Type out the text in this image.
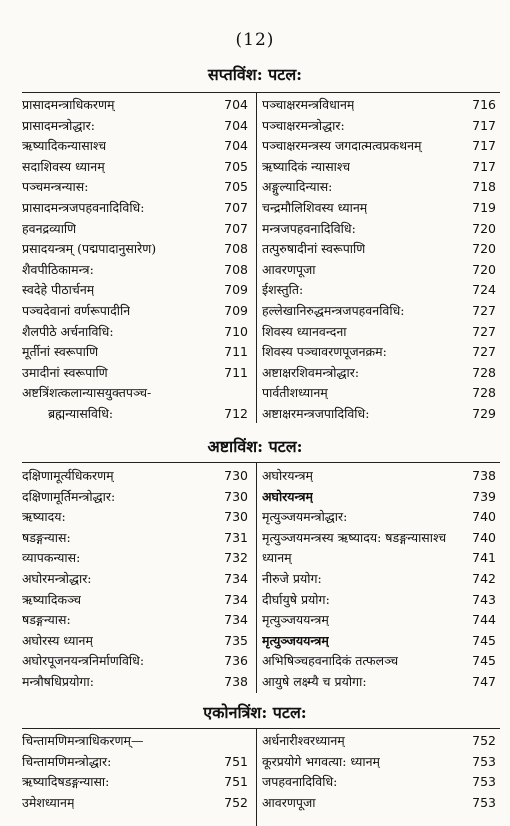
(12)
सप्तविंश: पटल:
प्रासादमन्त्राधिकरणम्	704
प्रासादमन्त्रोद्धार:	704
ऋष्यादिकन्यासाश्च	704
सदाशिवस्य ध्यानम्	705
पञ्चमन्त्रन्यास:	705
प्रासादमन्त्रजपहवनादिविधि:	707
हवनद्रव्याणि	707
प्रसादयन्त्रम् (पद्मपादानुसारेण)	708
शैवपीठिकामन्त्र:	708
स्वदेहे पीठार्चनम्	709
पञ्चदेवानां वर्णरूपादीनि	709
शैलपीठे अर्चनाविधि:	710
मूर्तीनां स्वरूपाणि	711
उमादीनां स्वरूपाणि	711
अष्टत्रिंशत्कलान्यासयुक्तपञ्च-
ब्रह्मन्यासविधि:	712
पञ्चाक्षरमन्त्रविधानम्	716
पञ्चाक्षरमन्त्रोद्धार:	717
पञ्चाक्षरमन्त्रस्य जगदात्मत्वप्रकथनम्	717
ऋष्यादिकं न्यासाश्च	717
अङ्गुल्यादिन्यास:	718
चन्द्रमौलिशिवस्य ध्यानम्	719
मन्त्रजपहवनादिविधि:	720
तत्पुरुषादीनां स्वरूपाणि	720
आवरणपूजा	720
ईशस्तुति:	724
हल्लेखानिरुद्धमन्त्रजपहवनविधि:	727
शिवस्य ध्यानवन्दना	727
शिवस्य पञ्चावरणपूजनक्रम:	727
अष्टाक्षरशिवमन्त्रोद्धार:	728
पार्वतीशध्यानम्	728
अष्टाक्षरमन्त्रजपादिविधि:	729
अष्टाविंश: पटल:
दक्षिणामूर्त्यधिकरणम्	730
दक्षिणामूर्तिमन्त्रोद्धार:	730
ऋष्यादय:	730
षडङ्गन्यास:	731
व्यापकन्यास:	732
अघोरमन्त्रोद्धार:	734
ऋष्यादिकञ्च	734
षडङ्गन्यास:	734
अघोरस्य ध्यानम्	735
अघोरपूजनयन्त्रनिर्माणविधि:	736
मन्त्रौषधिप्रयोगा:	738
अघोरयन्त्रम्	738
अघोरयन्त्रम्	739
मृत्युञ्जयमन्त्रोद्धार:	740
मृत्युञ्जयमन्त्रस्य ऋष्यादय: षडङ्गन्यासाश्च 740
ध्यानम्	741
नीरुजे प्रयोग:	742
दीर्घायुषे प्रयोग:	743
मृत्युञ्जययन्त्रम्	744
मृत्युञ्जययन्त्रम्	745
अभिषिञ्चहवनादिकं तत्फलञ्च	745
आयुषे लक्ष्म्यै च प्रयोगा:	747
एकोनत्रिंश: पटल:
चिन्तामणिमन्त्राधिकरणम्—
चिन्तामणिमन्त्रोद्धार:	751
ऋष्यादिषडङ्गन्यासा:	751
उमेशध्यानम्	752
अर्धनारीश्वरध्यानम्	752
कूरप्रयोगे भगवत्या: ध्यानम्	753
जपहवनादिविधि:	753
आवरणपूजा	753
